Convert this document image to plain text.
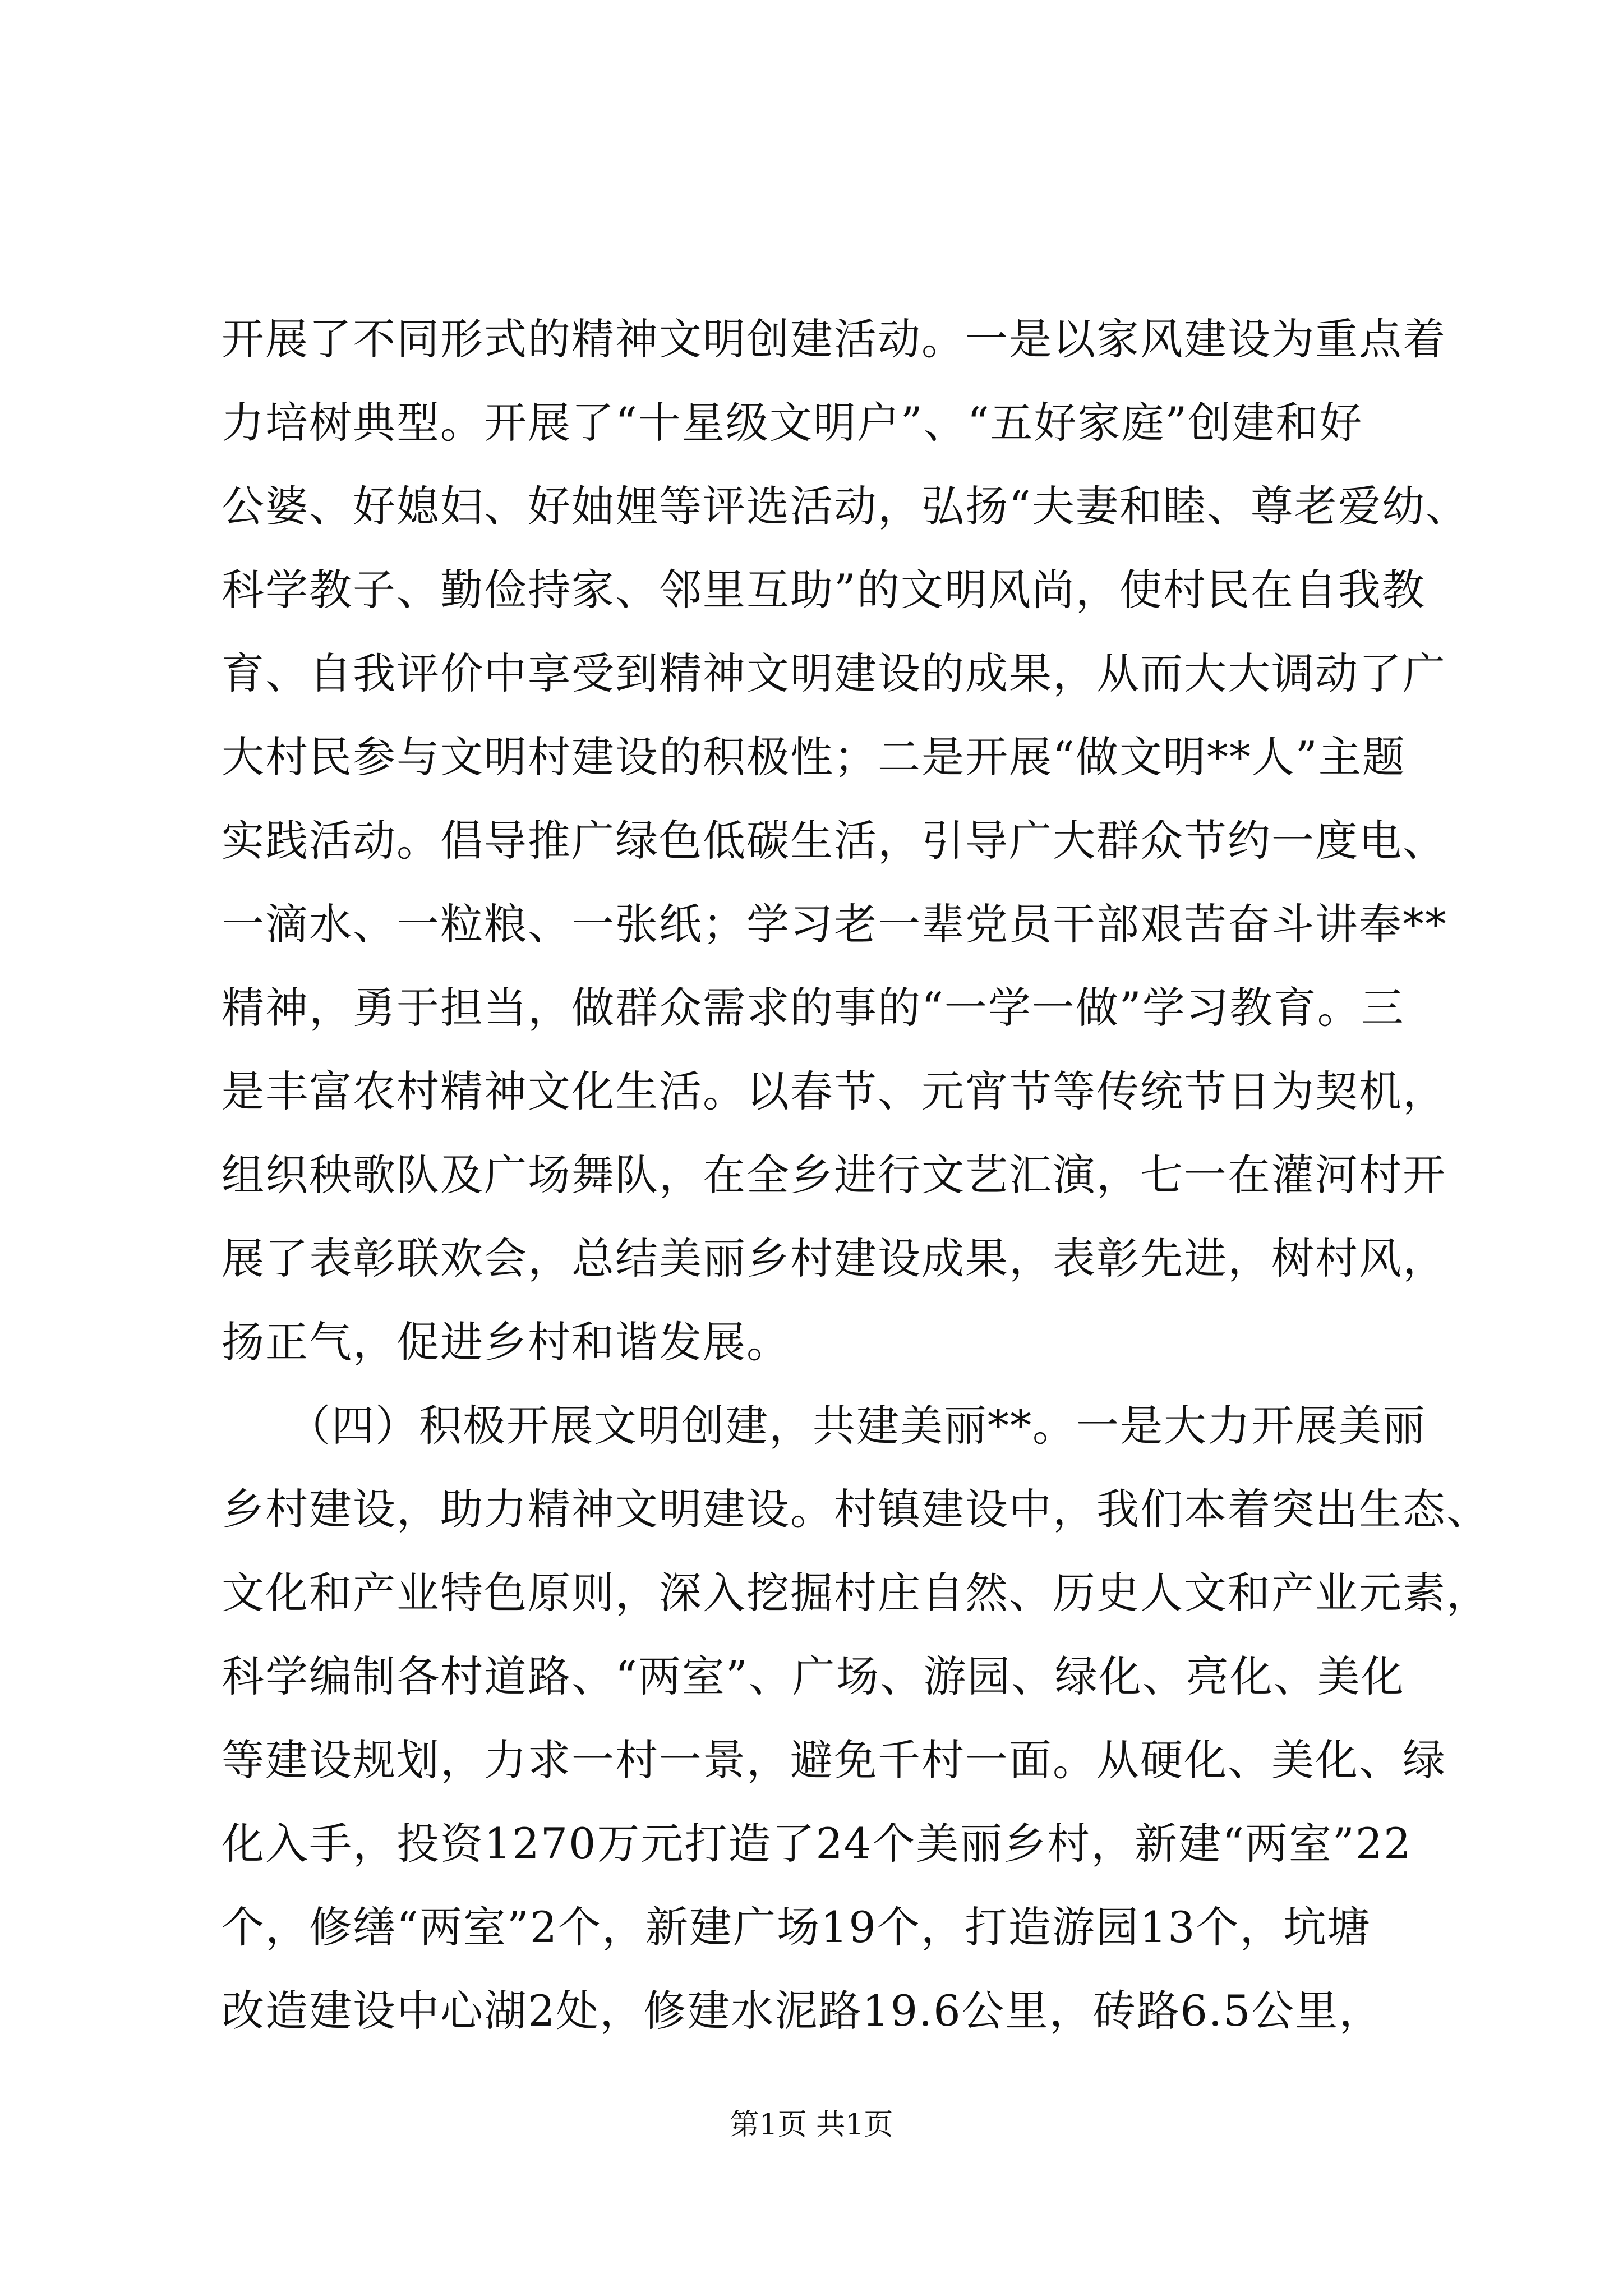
开展了不同形式的精神文明创建活动。一是以家风建设为重点着
力培树典型。开展了“十星级文明户”、“五好家庭”创建和好
公婆、好媳妇、好妯娌等评选活动，弘扬“夫妻和睦、尊老爱幼、
科学教子、勤俭持家、邻里互助”的文明风尚，使村民在自我教
育、自我评价中享受到精神文明建设的成果，从而大大调动了广
大村民参与文明村建设的积极性；二是开展“做文明**人”主题
实践活动。倡导推广绿色低碳生活，引导广大群众节约一度电、
一滴水、一粒粮、一张纸；学习老一辈党员干部艰苦奋斗讲奉**
精神，勇于担当，做群众需求的事的“一学一做”学习教育。三
是丰富农村精神文化生活。以春节、元宵节等传统节日为契机，
组织秧歌队及广场舞队，在全乡进行文艺汇演，七一在灌河村开
展了表彰联欢会，总结美丽乡村建设成果，表彰先进，树村风，
扬正气，促进乡村和谐发展。
　　（四）积极开展文明创建，共建美丽**。一是大力开展美丽
乡村建设，助力精神文明建设。村镇建设中，我们本着突出生态、
文化和产业特色原则，深入挖掘村庄自然、历史人文和产业元素，
科学编制各村道路、“两室”、广场、游园、绿化、亮化、美化
等建设规划，力求一村一景，避免千村一面。从硬化、美化、绿
化入手，投资1270万元打造了24个美丽乡村，新建“两室”22
个，修缮“两室”2个，新建广场19个，打造游园13个，坑塘
改造建设中心湖2处，修建水泥路19.6公里，砖路6.5公里，
第1页 共1页
